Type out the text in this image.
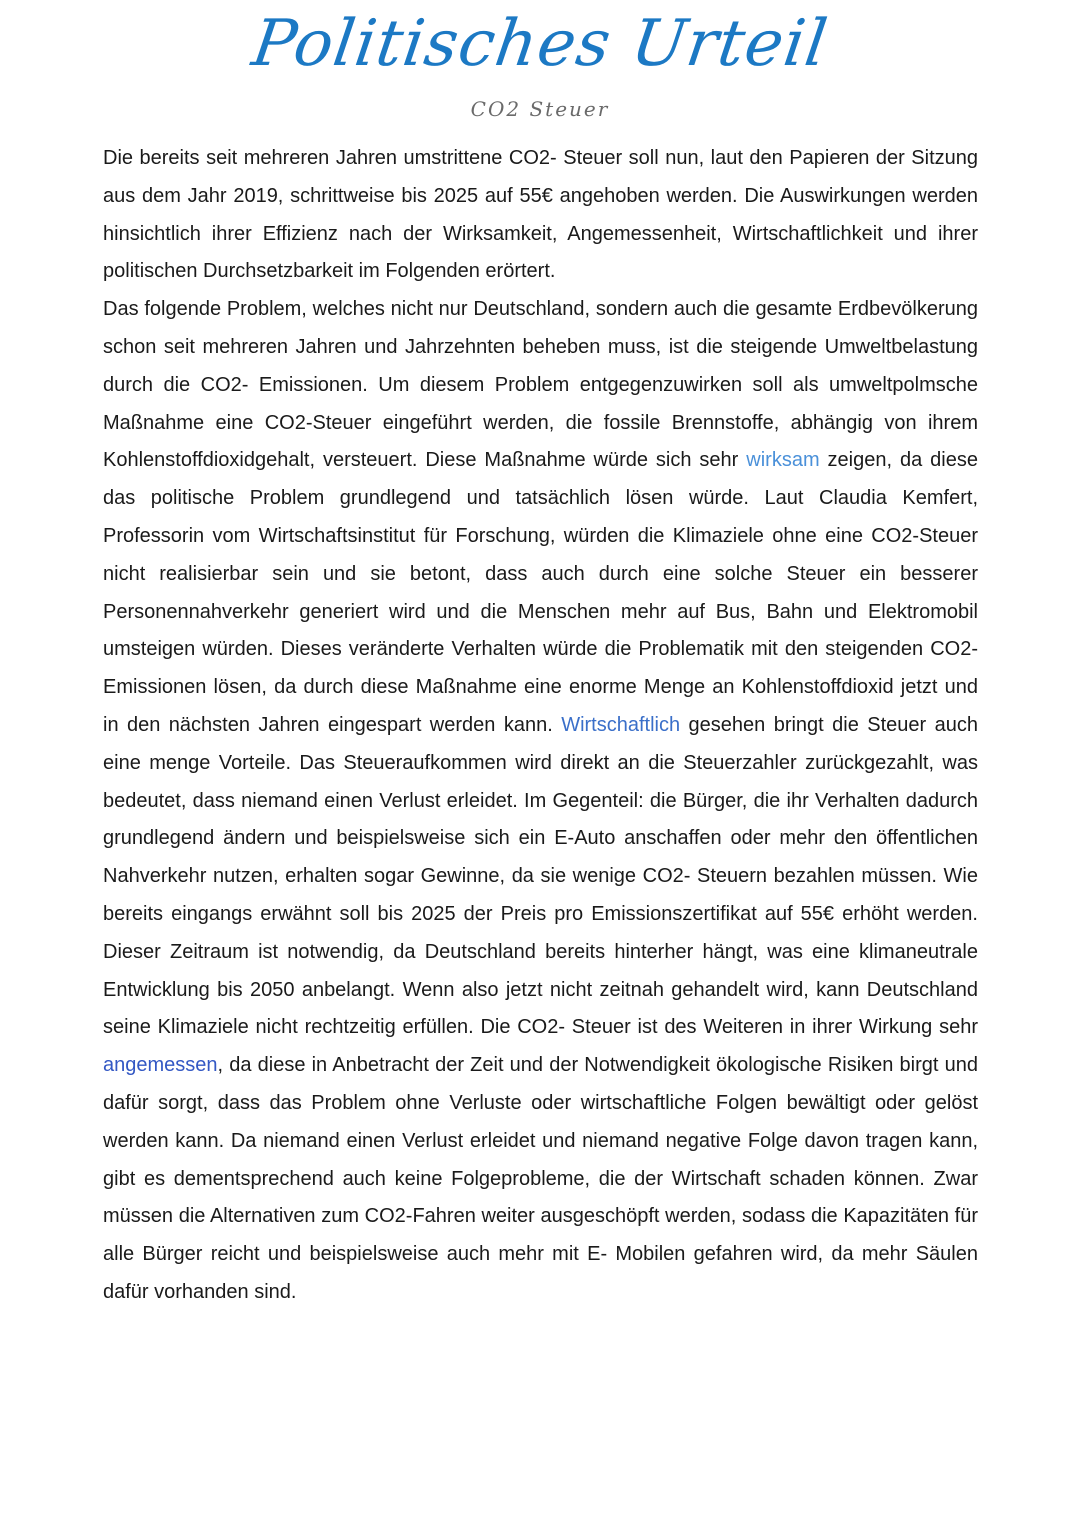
Politisches Urteil
CO2 Steuer

Die bereits seit mehreren Jahren umstrittene CO2- Steuer soll nun, laut den Papieren der Sitzung aus dem Jahr 2019, schrittweise bis 2025 auf 55€ angehoben werden. Die Auswirkungen werden hinsichtlich ihrer Effizienz nach der Wirksamkeit, Angemessenheit, Wirtschaftlichkeit und ihrer politischen Durchsetzbarkeit im Folgenden erörtert.

Das folgende Problem, welches nicht nur Deutschland, sondern auch die gesamte Erdbevölkerung schon seit mehreren Jahren und Jahrzehnten beheben muss, ist die steigende Umweltbelastung durch die CO2- Emissionen. Um diesem Problem entgegenzuwirken soll als umweltpolmsche Maßnahme eine CO2-Steuer eingeführt werden, die fossile Brennstoffe, abhängig von ihrem Kohlenstoffdioxidgehalt, versteuert. Diese Maßnahme würde sich sehr wirksam zeigen, da diese das politische Problem grundlegend und tatsächlich lösen würde. Laut Claudia Kemfert, Professorin vom Wirtschaftsinstitut für Forschung, würden die Klimaziele ohne eine CO2-Steuer nicht realisierbar sein und sie betont, dass auch durch eine solche Steuer ein besserer Personennahverkehr generiert wird und die Menschen mehr auf Bus, Bahn und Elektromobil umsteigen würden. Dieses veränderte Verhalten würde die Problematik mit den steigenden CO2- Emissionen lösen, da durch diese Maßnahme eine enorme Menge an Kohlenstoffdioxid jetzt und in den nächsten Jahren eingespart werden kann. Wirtschaftlich gesehen bringt die Steuer auch eine menge Vorteile. Das Steueraufkommen wird direkt an die Steuerzahler zurückgezahlt, was bedeutet, dass niemand einen Verlust erleidet. Im Gegenteil: die Bürger, die ihr Verhalten dadurch grundlegend ändern und beispielsweise sich ein E-Auto anschaffen oder mehr den öffentlichen Nahverkehr nutzen, erhalten sogar Gewinne, da sie wenige CO2- Steuern bezahlen müssen. Wie bereits eingangs erwähnt soll bis 2025 der Preis pro Emissionszertifikat auf 55€ erhöht werden. Dieser Zeitraum ist notwendig, da Deutschland bereits hinterher hängt, was eine klimaneutrale Entwicklung bis 2050 anbelangt. Wenn also jetzt nicht zeitnah gehandelt wird, kann Deutschland seine Klimaziele nicht rechtzeitig erfüllen. Die CO2- Steuer ist des Weiteren in ihrer Wirkung sehr angemessen, da diese in Anbetracht der Zeit und der Notwendigkeit ökologische Risiken birgt und dafür sorgt, dass das Problem ohne Verluste oder wirtschaftliche Folgen bewältigt oder gelöst werden kann. Da niemand einen Verlust erleidet und niemand negative Folge davon tragen kann, gibt es dementsprechend auch keine Folgeprobleme, die der Wirtschaft schaden können. Zwar müssen die Alternativen zum CO2-Fahren weiter ausgeschöpft werden, sodass die Kapazitäten für alle Bürger reicht und beispielsweise auch mehr mit E- Mobilen gefahren wird, da mehr Säulen dafür vorhanden sind.
